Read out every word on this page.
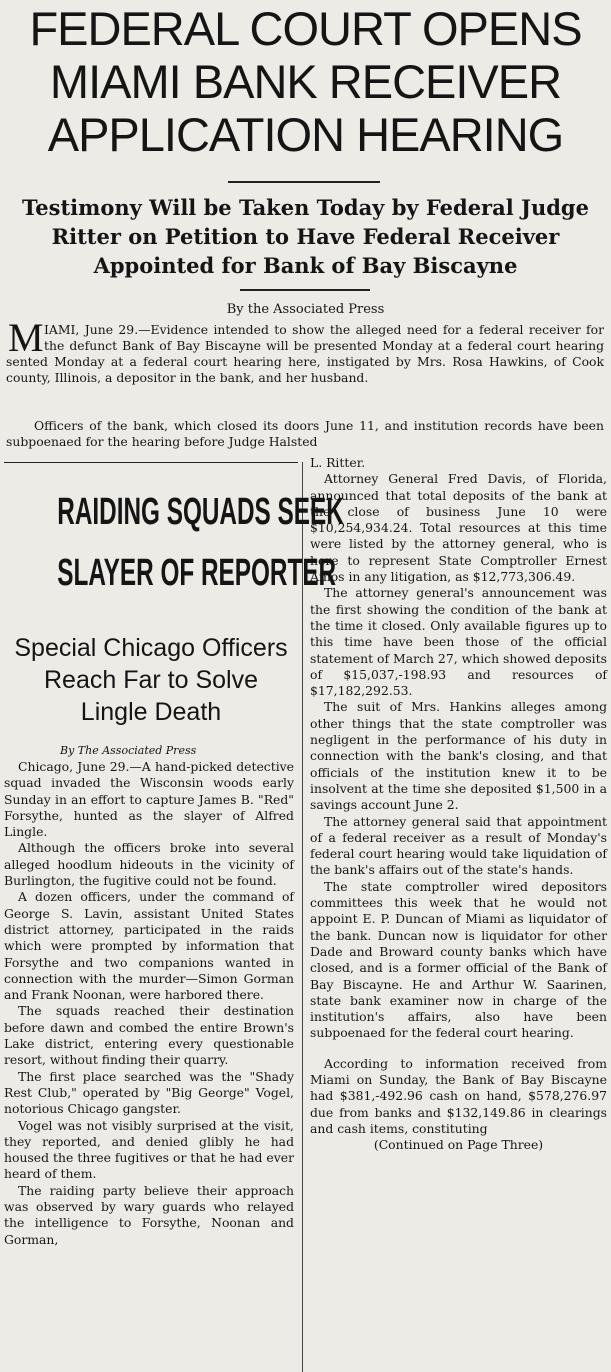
FEDERAL COURT OPENS
MIAMI BANK RECEIVER
APPLICATION HEARING
Testimony Will be Taken Today by Federal Judge
Ritter on Petition to Have Federal Receiver
Appointed for Bank of Bay Biscayne
By the Associated Press
M IAMI, June 29.—Evidence intended to show the alleged need for a federal receiver for the defunct Bank of Bay Biscayne will be presented Monday at a federal court hearing

sented Monday at a federal court hearing here, instigated by Mrs. Rosa Hawkins, of Cook county, Illinois, a depositor in the bank, and her husband.

Officers of the bank, which closed its doors June 11, and institution records have been subpoenaed for the hearing before Judge Halsted

RAIDING SQUADS SEEK
SLAYER OF REPORTER
Special Chicago Officers
Reach Far to Solve
Lingle Death
By The Associated Press

Chicago, June 29.—A hand-picked detective squad invaded the Wisconsin woods early Sunday in an effort to capture James B. "Red" Forsythe, hunted as the slayer of Alfred Lingle.

Although the officers broke into several alleged hoodlum hideouts in the vicinity of Burlington, the fugitive could not be found.

A dozen officers, under the command of George S. Lavin, assistant United States district attorney, participated in the raids which were prompted by information that Forsythe and two companions wanted in connection with the murder—Simon Gorman and Frank Noonan, were harbored there.

The squads reached their destination before dawn and combed the entire Brown's Lake district, entering every questionable resort, without finding their quarry.

The first place searched was the "Shady Rest Club," operated by "Big George" Vogel, notorious Chicago gangster.

Vogel was not visibly surprised at the visit, they reported, and denied glibly he had housed the three fugitives or that he had ever heard of them.

The raiding party believe their approach was observed by wary guards who relayed the intelligence to Forsythe, Noonan and Gorman,

L. Ritter.

Attorney General Fred Davis, of Florida, announced that total deposits of the bank at the close of business June 10 were $10,254,934.24. Total resources at this time were listed by the attorney general, who is here to represent State Comptroller Ernest Amos in any litigation, as $12,773,306.49.

The attorney general's announcement was the first showing the condition of the bank at the time it closed. Only available figures up to this time have been those of the official statement of March 27, which showed deposits of $15,037,-198.93 and resources of $17,182,292.53.

The suit of Mrs. Hankins alleges among other things that the state comptroller was negligent in the performance of his duty in connection with the bank's closing, and that officials of the institution knew it to be insolvent at the time she deposited $1,500 in a savings account June 2.

The attorney general said that appointment of a federal receiver as a result of Monday's federal court hearing would take liquidation of the bank's affairs out of the state's hands.

The state comptroller wired depositors committees this week that he would not appoint E. P. Duncan of Miami as liquidator of the bank. Duncan now is liquidator for other Dade and Broward county banks which have closed, and is a former official of the Bank of Bay Biscayne. He and Arthur W. Saarinen, state bank examiner now in charge of the institution's affairs, also have been subpoenaed for the federal court hearing.

According to information received from Miami on Sunday, the Bank of Bay Biscayne had $381,-492.96 cash on hand, $578,276.97 due from banks and $132,149.86 in clearings and cash items, constituting

(Continued on Page Three)
